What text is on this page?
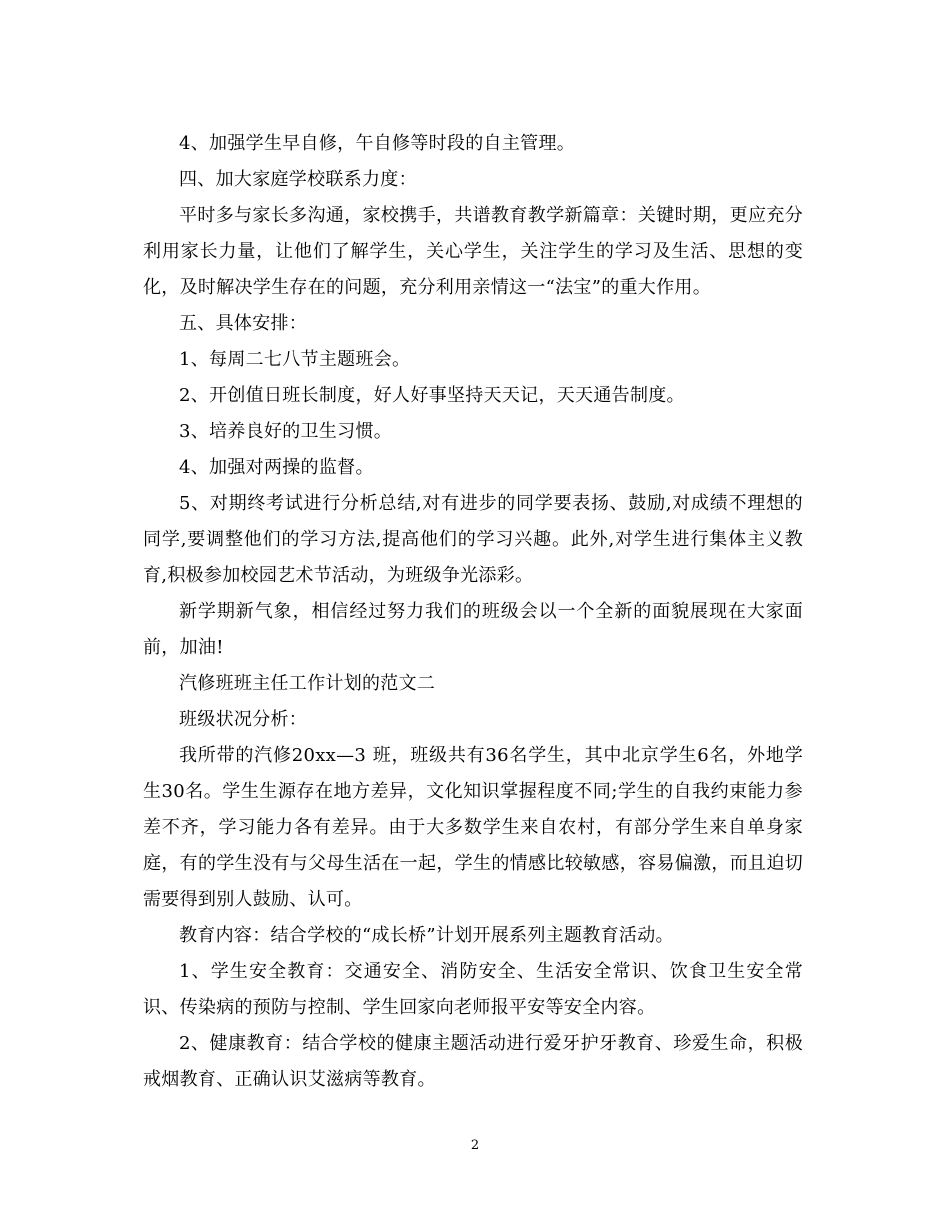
4、加强学生早自修，午自修等时段的自主管理。

四、加大家庭学校联系力度：

平时多与家长多沟通，家校携手，共谱教育教学新篇章：关键时期，更应充分利用家长力量，让他们了解学生，关心学生，关注学生的学习及生活、思想的变化，及时解决学生存在的问题，充分利用亲情这一“法宝”的重大作用。

五、具体安排：

1、每周二七八节主题班会。

2、开创值日班长制度，好人好事坚持天天记，天天通告制度。

3、培养良好的卫生习惯。

4、加强对两操的监督。

5、对期终考试进行分析总结,对有进步的同学要表扬、鼓励,对成绩不理想的同学,要调整他们的学习方法,提高他们的学习兴趣。此外,对学生进行集体主义教育,积极参加校园艺术节活动，为班级争光添彩。

新学期新气象，相信经过努力我们的班级会以一个全新的面貌展现在大家面前，加油!

汽修班班主任工作计划的范文二

班级状况分析：

我所带的汽修20xx—3 班，班级共有36名学生，其中北京学生6名，外地学生30名。学生生源存在地方差异，文化知识掌握程度不同;学生的自我约束能力参差不齐，学习能力各有差异。由于大多数学生来自农村，有部分学生来自单身家庭，有的学生没有与父母生活在一起，学生的情感比较敏感，容易偏激，而且迫切需要得到别人鼓励、认可。

教育内容：结合学校的“成长桥”计划开展系列主题教育活动。

1、学生安全教育：交通安全、消防安全、生活安全常识、饮食卫生安全常识、传染病的预防与控制、学生回家向老师报平安等安全内容。

2、健康教育：结合学校的健康主题活动进行爱牙护牙教育、珍爱生命，积极戒烟教育、正确认识艾滋病等教育。

2
